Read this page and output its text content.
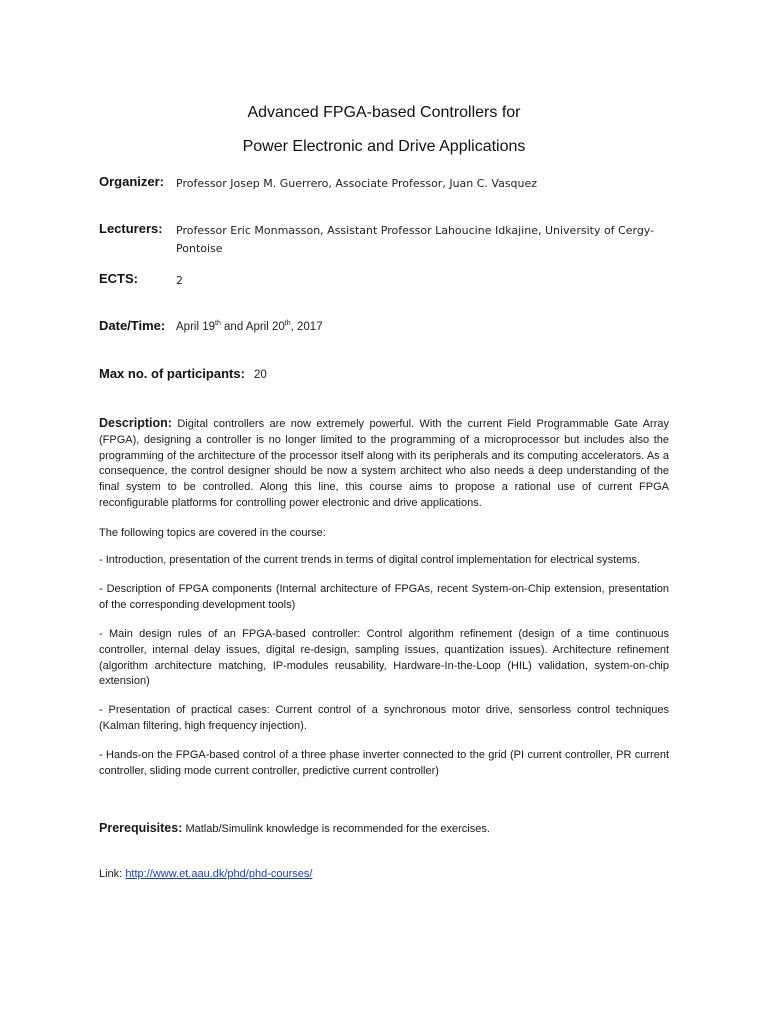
Advanced FPGA-based Controllers for
Power Electronic and Drive Applications
Organizer: Professor Josep M. Guerrero, Associate Professor, Juan C. Vasquez
Lecturers: Professor Eric Monmasson, Assistant Professor Lahoucine Idkajine, University of Cergy-
Pontoise
ECTS:	2
Date/Time: April 19th and April 20th, 2017
Max no. of participants: 20
Description: Digital controllers are now extremely powerful. With the current Field Programmable Gate Array (FPGA), designing a controller is no longer limited to the programming of a microprocessor but includes also the programming of the architecture of the processor itself along with its peripherals and its computing accelerators. As a consequence, the control designer should be now a system architect who also needs a deep understanding of the final system to be controlled. Along this line, this course aims to propose a rational use of current FPGA reconfigurable platforms for controlling power electronic and drive applications.
The following topics are covered in the course:
- Introduction, presentation of the current trends in terms of digital control implementation for electrical systems.
- Description of FPGA components (Internal architecture of FPGAs, recent System-on-Chip extension, presentation of the corresponding development tools)
- Main design rules of an FPGA-based controller: Control algorithm refinement (design of a time continuous controller, internal delay issues, digital re-design, sampling issues, quantization issues). Architecture refinement (algorithm architecture matching, IP-modules reusability, Hardware-In-the-Loop (HIL) validation, system-on-chip extension)
- Presentation of practical cases: Current control of a synchronous motor drive, sensorless control techniques (Kalman filtering, high frequency injection).
- Hands-on the FPGA-based control of a three phase inverter connected to the grid (PI current controller, PR current controller, sliding mode current controller, predictive current controller)
Prerequisites: Matlab/Simulink knowledge is recommended for the exercises.
Link: http://www.et.aau.dk/phd/phd-courses/
